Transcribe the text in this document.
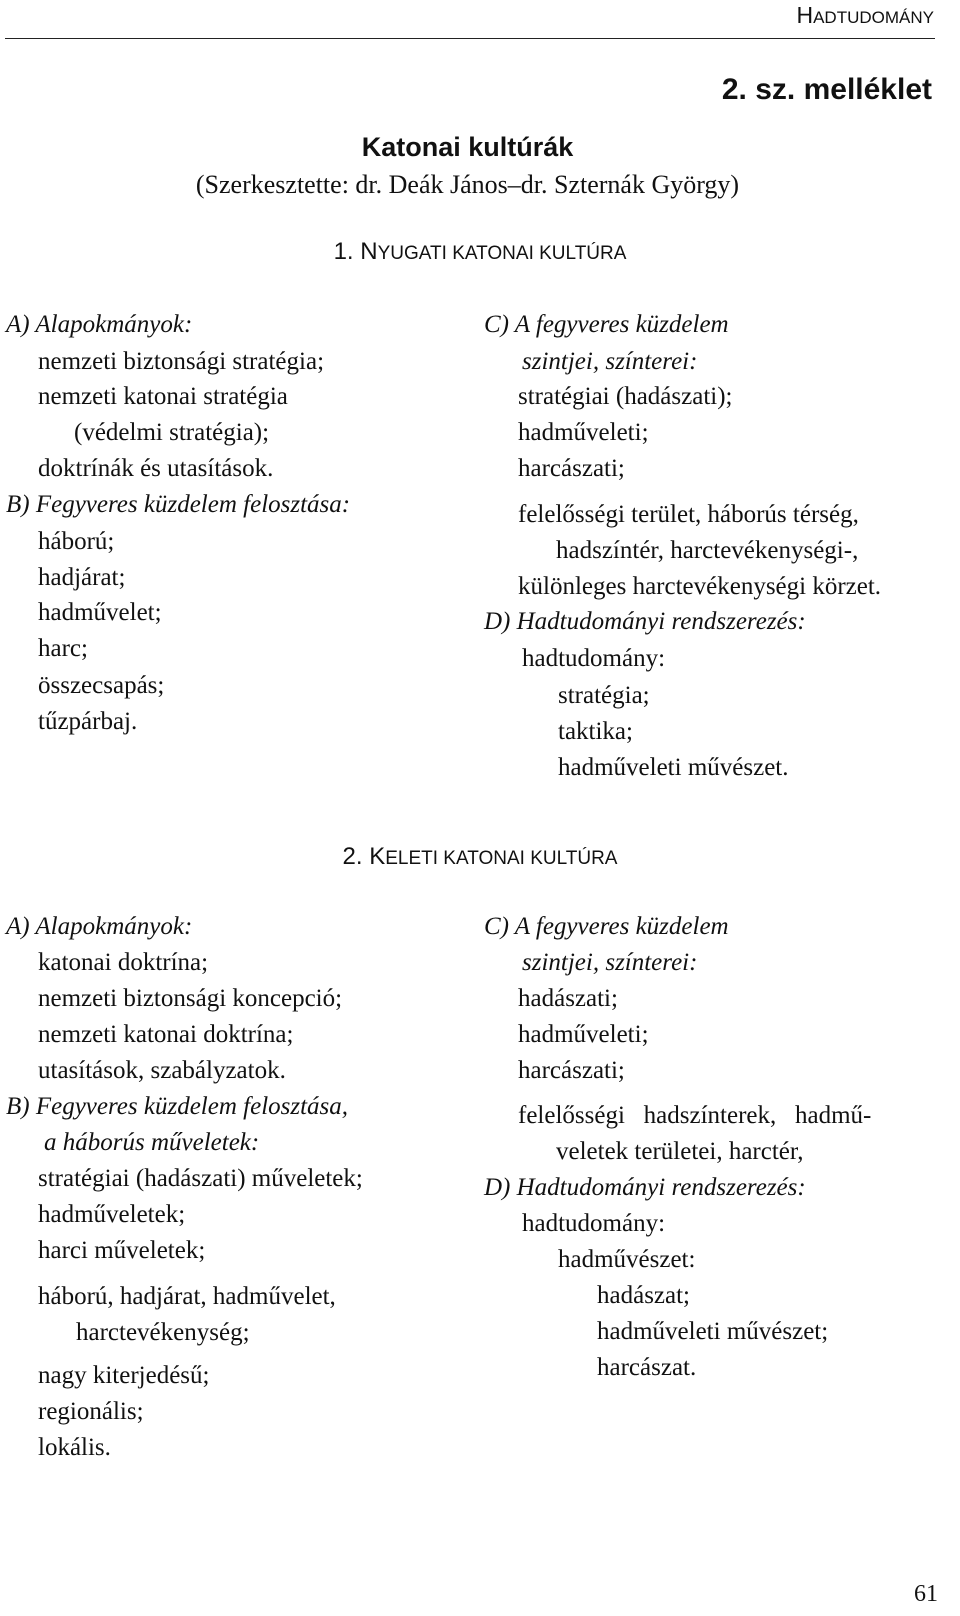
HADTUDOMÁNY
2. sz. melléklet
Katonai kultúrák
(Szerkesztette: dr. Deák János–dr. Szternák György)
1. NYUGATI KATONAI KULTÚRA
A) Alapokmányok:
nemzeti biztonsági stratégia;
nemzeti katonai stratégia
(védelmi stratégia);
doktrínák és utasítások.
B) Fegyveres küzdelem felosztása:
háború;
hadjárat;
hadművelet;
harc;
összecsapás;
tűzpárbaj.
C) A fegyveres küzdelem
szintjei, színterei:
stratégiai (hadászati);
hadműveleti;
harcászati;
felelősségi terület, háborús térség,
hadszíntér, harctevékenységi-,
különleges harctevékenységi körzet.
D) Hadtudományi rendszerezés:
hadtudomány:
stratégia;
taktika;
hadműveleti művészet.
2. KELETI KATONAI KULTÚRA
A) Alapokmányok:
katonai doktrína;
nemzeti biztonsági koncepció;
nemzeti katonai doktrína;
utasítások, szabályzatok.
B) Fegyveres küzdelem felosztása,
a háborús műveletek:
stratégiai (hadászati) műveletek;
hadműveletek;
harci műveletek;
háború, hadjárat, hadművelet,
harctevékenység;
nagy kiterjedésű;
regionális;
lokális.
C) A fegyveres küzdelem
szintjei, színterei:
hadászati;
hadműveleti;
harcászati;
felelősségi   hadszínterek,   hadmű-
veletek területei, harctér,
D) Hadtudományi rendszerezés:
hadtudomány:
hadművészet:
hadászat;
hadműveleti művészet;
harcászat.
61
